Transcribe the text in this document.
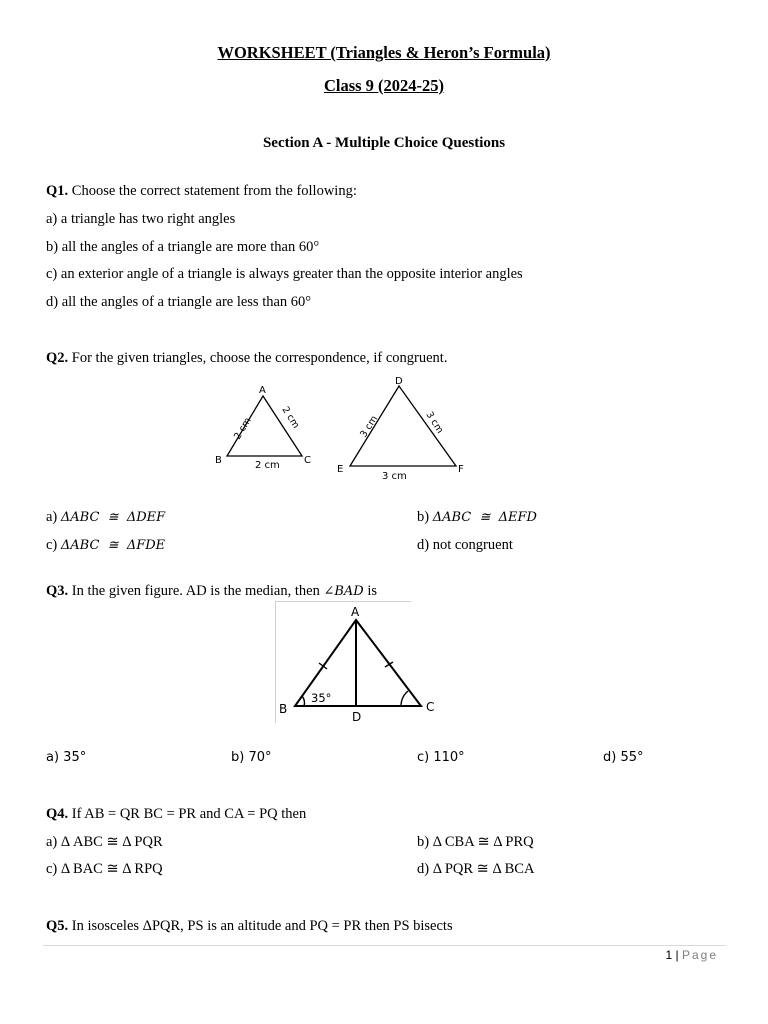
WORKSHEET (Triangles & Heron’s Formula)
Class 9 (2024-25)
Section A - Multiple Choice Questions
Q1. Choose the correct statement from the following:
a) a triangle has two right angles
b) all the angles of a triangle are more than 60°
c) an exterior angle of a triangle is always greater than the opposite interior angles
d) all the angles of a triangle are less than 60°
Q2. For the given triangles, choose the correspondence, if congruent.
A
B	C
2 cm	2 cm
2 cm
D
E	F
3 cm	3 cm
3 cm
a) ΔABC  ≅  ΔDEF	b) ΔABC  ≅  ΔEFD
c) ΔABC  ≅  ΔFDE	d) not congruent
Q3. In the given figure. AD is the median, then ∠BAD is
A
B	C
D
35°
a) 35°	b) 70°	c) 110°	d) 55°
Q4. If AB = QR BC = PR and CA = PQ then
a) Δ ABC ≅ Δ PQR	b) Δ CBA ≅ Δ PRQ
c) Δ BAC ≅ Δ RPQ	d) Δ PQR ≅ Δ BCA
Q5. In isosceles ΔPQR, PS is an altitude and PQ = PR then PS bisects
1 | Page
